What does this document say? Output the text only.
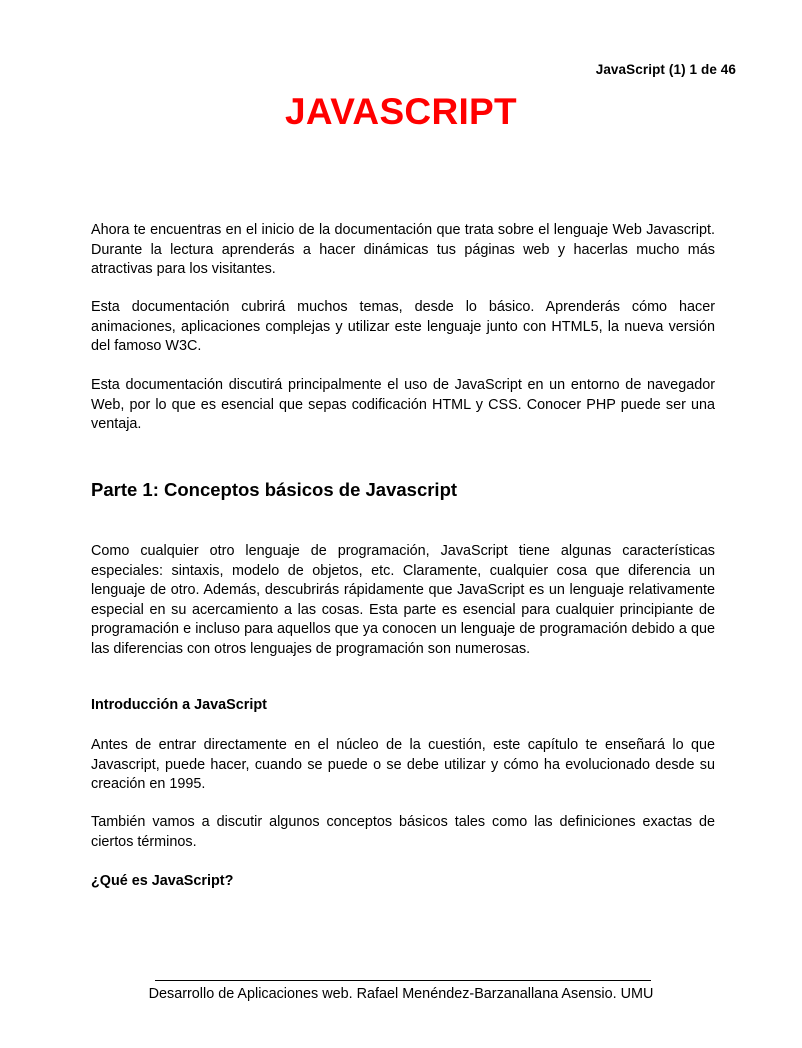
JavaScript (1) 1 de 46
JAVASCRIPT

Ahora te encuentras en el inicio de la documentación que trata sobre el lenguaje Web Javascript. Durante la lectura aprenderás a hacer dinámicas tus páginas web y hacerlas mucho más atractivas para los visitantes.

Esta documentación cubrirá muchos temas, desde lo básico. Aprenderás cómo hacer animaciones, aplicaciones complejas y utilizar este lenguaje junto con HTML5, la nueva versión del famoso W3C.

Esta documentación discutirá principalmente el uso de JavaScript en un entorno de navegador Web, por lo que es esencial que sepas codificación HTML y CSS. Conocer PHP puede ser una ventaja.

Parte 1: Conceptos básicos de Javascript

Como cualquier otro lenguaje de programación, JavaScript tiene algunas características especiales: sintaxis, modelo de objetos, etc. Claramente, cualquier cosa que diferencia un lenguaje de otro. Además, descubrirás rápidamente que JavaScript es un lenguaje relativamente especial en su acercamiento a las cosas. Esta parte es esencial para cualquier principiante de programación e incluso para aquellos que ya conocen un lenguaje de programación debido a que las diferencias con otros lenguajes de programación son numerosas.

Introducción a JavaScript

Antes de entrar directamente en el núcleo de la cuestión, este capítulo te enseñará lo que Javascript, puede hacer, cuando se puede o se debe utilizar y cómo ha evolucionado desde su creación en 1995.

También vamos a discutir algunos conceptos básicos tales como las definiciones exactas de ciertos términos.

¿Qué es JavaScript?
Desarrollo de Aplicaciones web. Rafael Menéndez-Barzanallana Asensio. UMU
